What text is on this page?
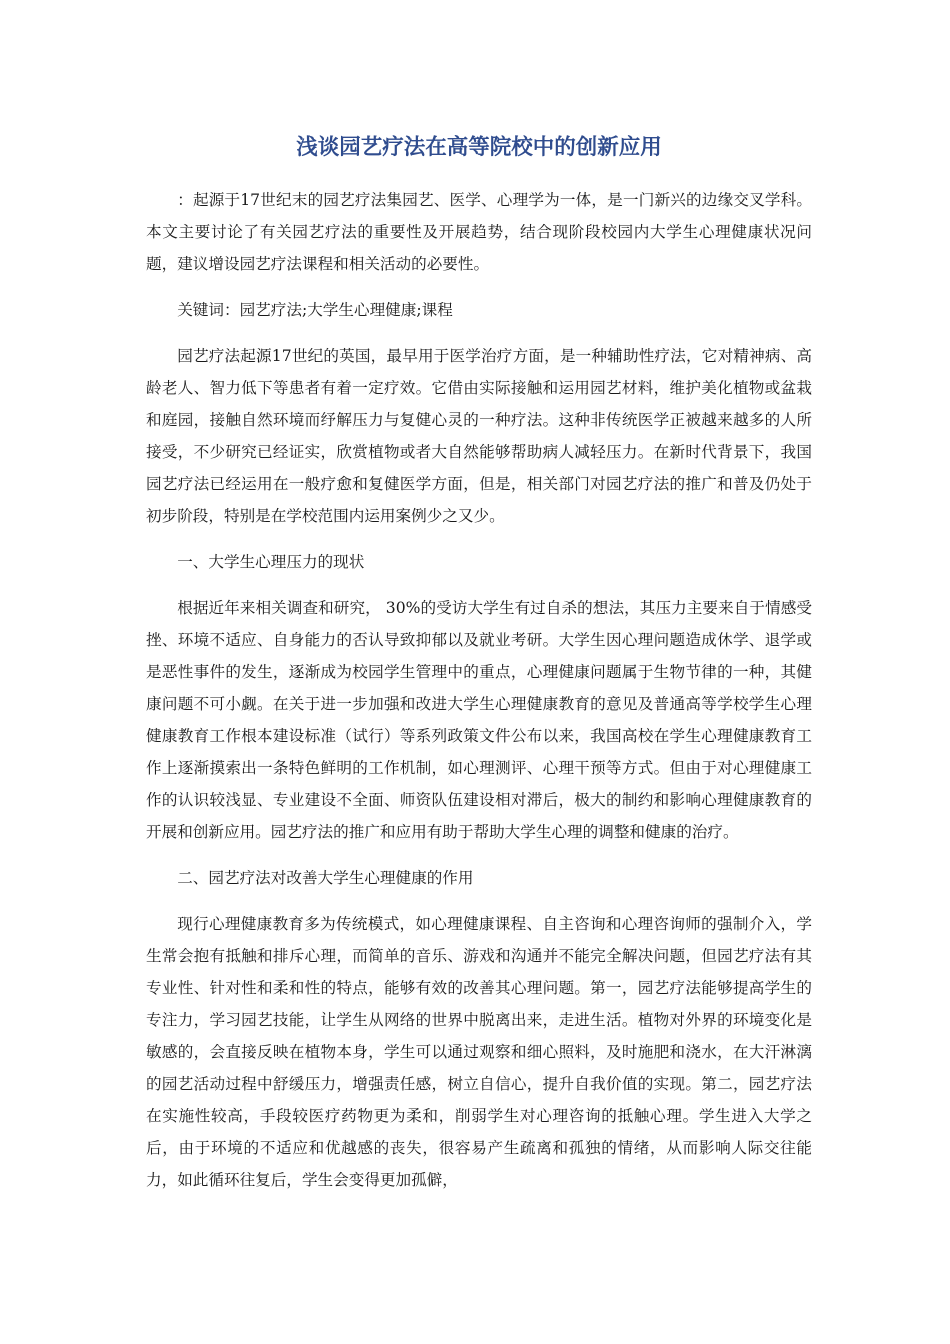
浅谈园艺疗法在高等院校中的创新应用

：起源于17世纪末的园艺疗法集园艺、医学、心理学为一体，是一门新兴的边缘交叉学科。本文主要讨论了有关园艺疗法的重要性及开展趋势，结合现阶段校园内大学生心理健康状况问题，建议增设园艺疗法课程和相关活动的必要性。

关键词：园艺疗法;大学生心理健康;课程

园艺疗法起源17世纪的英国，最早用于医学治疗方面，是一种辅助性疗法，它对精神病、高龄老人、智力低下等患者有着一定疗效。它借由实际接触和运用园艺材料，维护美化植物或盆栽和庭园，接触自然环境而纾解压力与复健心灵的一种疗法。这种非传统医学正被越来越多的人所接受，不少研究已经证实，欣赏植物或者大自然能够帮助病人减轻压力。在新时代背景下，我国园艺疗法已经运用在一般疗愈和复健医学方面，但是，相关部门对园艺疗法的推广和普及仍处于初步阶段，特别是在学校范围内运用案例少之又少。

一、大学生心理压力的现状

根据近年来相关调查和研究， 30%的受访大学生有过自杀的想法，其压力主要来自于情感受挫、环境不适应、自身能力的否认导致抑郁以及就业考研。大学生因心理问题造成休学、退学或是恶性事件的发生，逐渐成为校园学生管理中的重点，心理健康问题属于生物节律的一种，其健康问题不可小觑。在关于进一步加强和改进大学生心理健康教育的意见及普通高等学校学生心理健康教育工作根本建设标准（试行）等系列政策文件公布以来，我国高校在学生心理健康教育工作上逐渐摸索出一条特色鲜明的工作机制，如心理测评、心理干预等方式。但由于对心理健康工作的认识较浅显、专业建设不全面、师资队伍建设相对滞后，极大的制约和影响心理健康教育的开展和创新应用。园艺疗法的推广和应用有助于帮助大学生心理的调整和健康的治疗。

二、园艺疗法对改善大学生心理健康的作用

现行心理健康教育多为传统模式，如心理健康课程、自主咨询和心理咨询师的强制介入，学生常会抱有抵触和排斥心理，而简单的音乐、游戏和沟通并不能完全解决问题，但园艺疗法有其专业性、针对性和柔和性的特点，能够有效的改善其心理问题。第一，园艺疗法能够提高学生的专注力，学习园艺技能，让学生从网络的世界中脱离出来，走进生活。植物对外界的环境变化是敏感的，会直接反映在植物本身，学生可以通过观察和细心照料，及时施肥和浇水，在大汗淋漓的园艺活动过程中舒缓压力，增强责任感，树立自信心，提升自我价值的实现。第二，园艺疗法在实施性较高，手段较医疗药物更为柔和，削弱学生对心理咨询的抵触心理。学生进入大学之后，由于环境的不适应和优越感的丧失，很容易产生疏离和孤独的情绪，从而影响人际交往能力，如此循环往复后，学生会变得更加孤僻，
